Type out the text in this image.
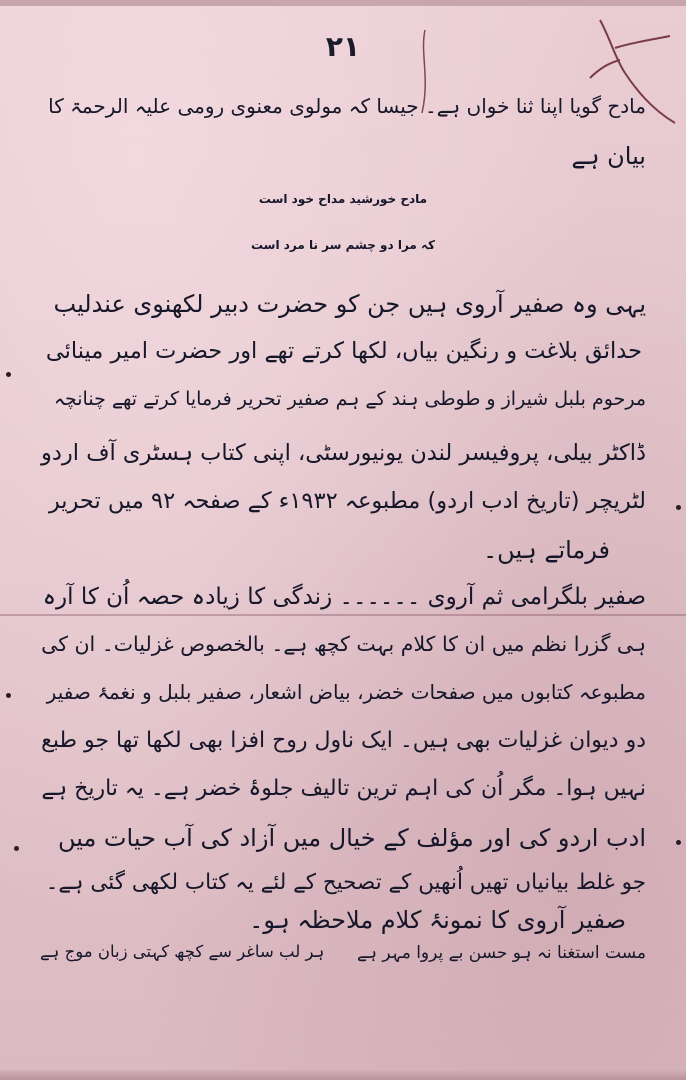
۲۱
مادح گویا اپنا ثنا خواں ہے۔ جیسا کہ مولوی معنوی رومی علیہ الرحمۃ کا
بیان ہے
مادح خورشید مداح خود است
کہ مرا دو چشم سر نا مرد است
یہی وہ صفیر آروی ہیں جن کو حضرت دبیر لکھنوی عندلیب
حدائق بلاغت و رنگین بیاں، لکھا کرتے تھے اور حضرت امیر مینائی
مرحوم بلبل شیراز و طوطی ہند کے ہم صفیر تحریر فرمایا کرتے تھے چنانچہ
ڈاکٹر بیلی، پروفیسر لندن یونیورسٹی، اپنی کتاب ہسٹری آف اردو
لٹریچر (تاریخ ادب اردو) مطبوعہ ۱۹۳۲ء کے صفحہ ۹۲ میں تحریر
فرماتے ہیں۔
صفیر بلگرامی ثم آروی ۔۔۔۔۔۔ زندگی کا زیادہ حصہ اُن کا آرہ
ہی گزرا نظم میں ان کا کلام بہت کچھ ہے۔ بالخصوص غزلیات۔ ان کی
مطبوعہ کتابوں میں صفحات خضر، بیاض اشعار، صفیر بلبل و نغمۂ صفیر
دو دیوان غزلیات بھی ہیں۔ ایک ناول روح افزا بھی لکھا تھا جو طبع
نہیں ہوا۔ مگر اُن کی اہم ترین تالیف جلوۂ خضر ہے۔ یہ تاریخ ہے
ادب اردو کی اور مؤلف کے خیال میں آزاد کی آب حیات میں
جو غلط بیانیاں تھیں اُنھیں کے تصحیح کے لئے یہ کتاب لکھی گئی ہے۔
صفیر آروی کا نمونۂ کلام ملاحظہ ہو۔
مست استغنا نہ ہو حسن بے پروا مہر ہے
ہر لب ساغر سے کچھ کہتی زبان موج ہے
